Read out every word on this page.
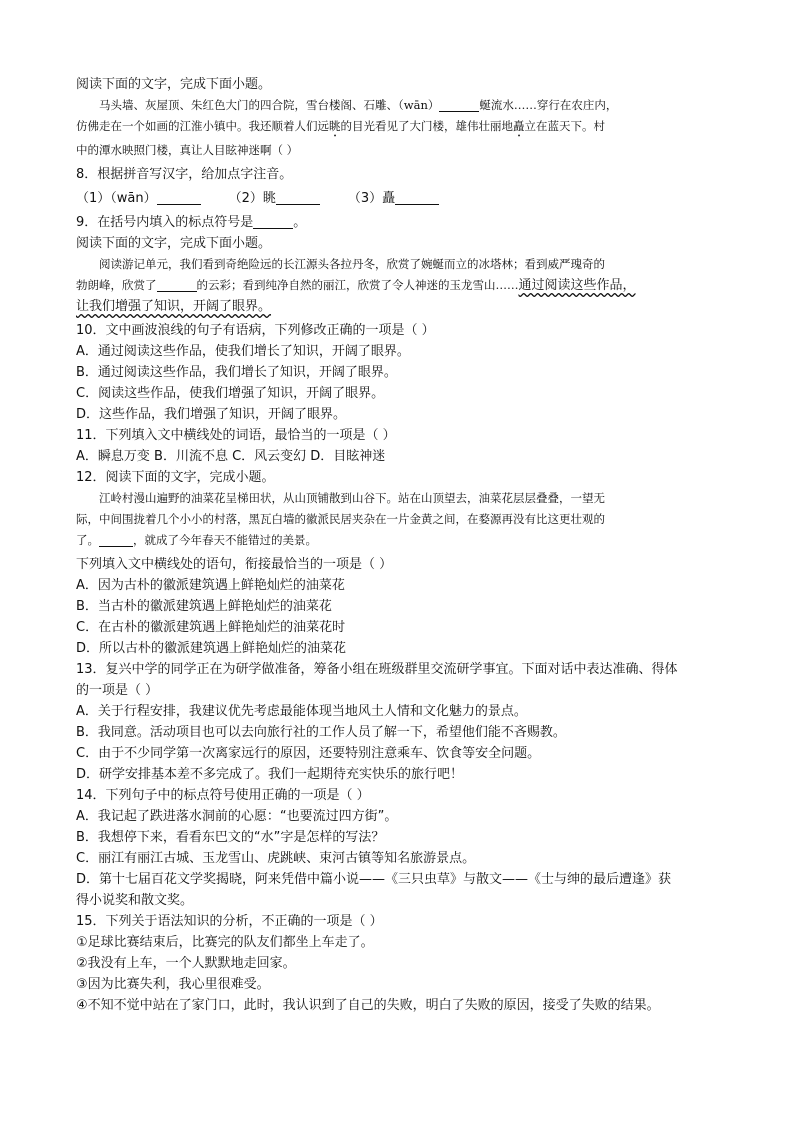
阅读下面的文字，完成下面小题。
马头墙、灰屋顶、朱红色大门的四合院，雪台楼阁、石雕、（wān）	蜒流水……穿行在农庄内，
仿佛走在一个如画的江淮小镇中。我还顺着人们远眺的目光看见了大门楼，雄伟壮丽地矗立在蓝天下。村
中的潭水映照门楼，真让人目眩神迷啊（ ）
8．根据拼音写汉字，给加点字注音。
（1）（wān）	（2）眺	（3）矗
9．在括号内填入的标点符号是	。
阅读下面的文字，完成下面小题。
阅读游记单元，我们看到奇绝险远的长江源头各拉丹冬，欣赏了婉蜒而立的冰塔林；看到威严瑰奇的
勃朗峰，欣赏了	的云彩；看到纯净自然的丽江，欣赏了令人神迷的玉龙雪山……通过阅读这些作品，
让我们增强了知识，开阔了眼界。
10．文中画波浪线的句子有语病，下列修改正确的一项是（ ）
A．通过阅读这些作品，使我们增长了知识，开阔了眼界。
B．通过阅读这些作品，我们增长了知识，开阔了眼界。
C．阅读这些作品，使我们增强了知识，开阔了眼界。
D．这些作品，我们增强了知识，开阔了眼界。
11．下列填入文中横线处的词语，最恰当的一项是（ ）
A．瞬息万变 B．川流不息 C．风云变幻 D．目眩神迷
12．阅读下面的文字，完成小题。
江岭村漫山遍野的油菜花呈梯田状，从山顶铺散到山谷下。站在山顶望去，油菜花层层叠叠，一望无
际，中间围拢着几个小小的村落，黑瓦白墙的徽派民居夹杂在一片金黄之间，在婺源再没有比这更壮观的
了。	，就成了今年春天不能错过的美景。
下列填入文中横线处的语句，衔接最恰当的一项是（ ）
A．因为古朴的徽派建筑遇上鲜艳灿烂的油菜花
B．当古朴的徽派建筑遇上鲜艳灿烂的油菜花
C．在古朴的徽派建筑遇上鲜艳灿烂的油菜花时
D．所以古朴的徽派建筑遇上鲜艳灿烂的油菜花
13．复兴中学的同学正在为研学做准备，筹备小组在班级群里交流研学事宜。下面对话中表达准确、得体
的一项是（ ）
A．关于行程安排，我建议优先考虑最能体现当地风土人情和文化魅力的景点。
B．我同意。活动项目也可以去向旅行社的工作人员了解一下，希望他们能不吝赐教。
C．由于不少同学第一次离家远行的原因，还要特别注意乘车、饮食等安全问题。
D．研学安排基本差不多完成了。我们一起期待充实快乐的旅行吧！
14．下列句子中的标点符号使用正确的一项是（ ）
A．我记起了跌进落水洞前的心愿：“也要流过四方街”。
B．我想停下来，看看东巴文的“水”字是怎样的写法？
C．丽江有丽江古城、玉龙雪山、虎跳峡、束河古镇等知名旅游景点。
D．第十七届百花文学奖揭晓，阿来凭借中篇小说——《三只虫草》与散文——《士与绅的最后遭逢》获
得小说奖和散文奖。
15．下列关于语法知识的分析，不正确的一项是（ ）
①足球比赛结束后，比赛完的队友们都坐上车走了。
②我没有上车，一个人默默地走回家。
③因为比赛失利，我心里很难受。
④不知不觉中站在了家门口，此时，我认识到了自己的失败，明白了失败的原因，接受了失败的结果。
